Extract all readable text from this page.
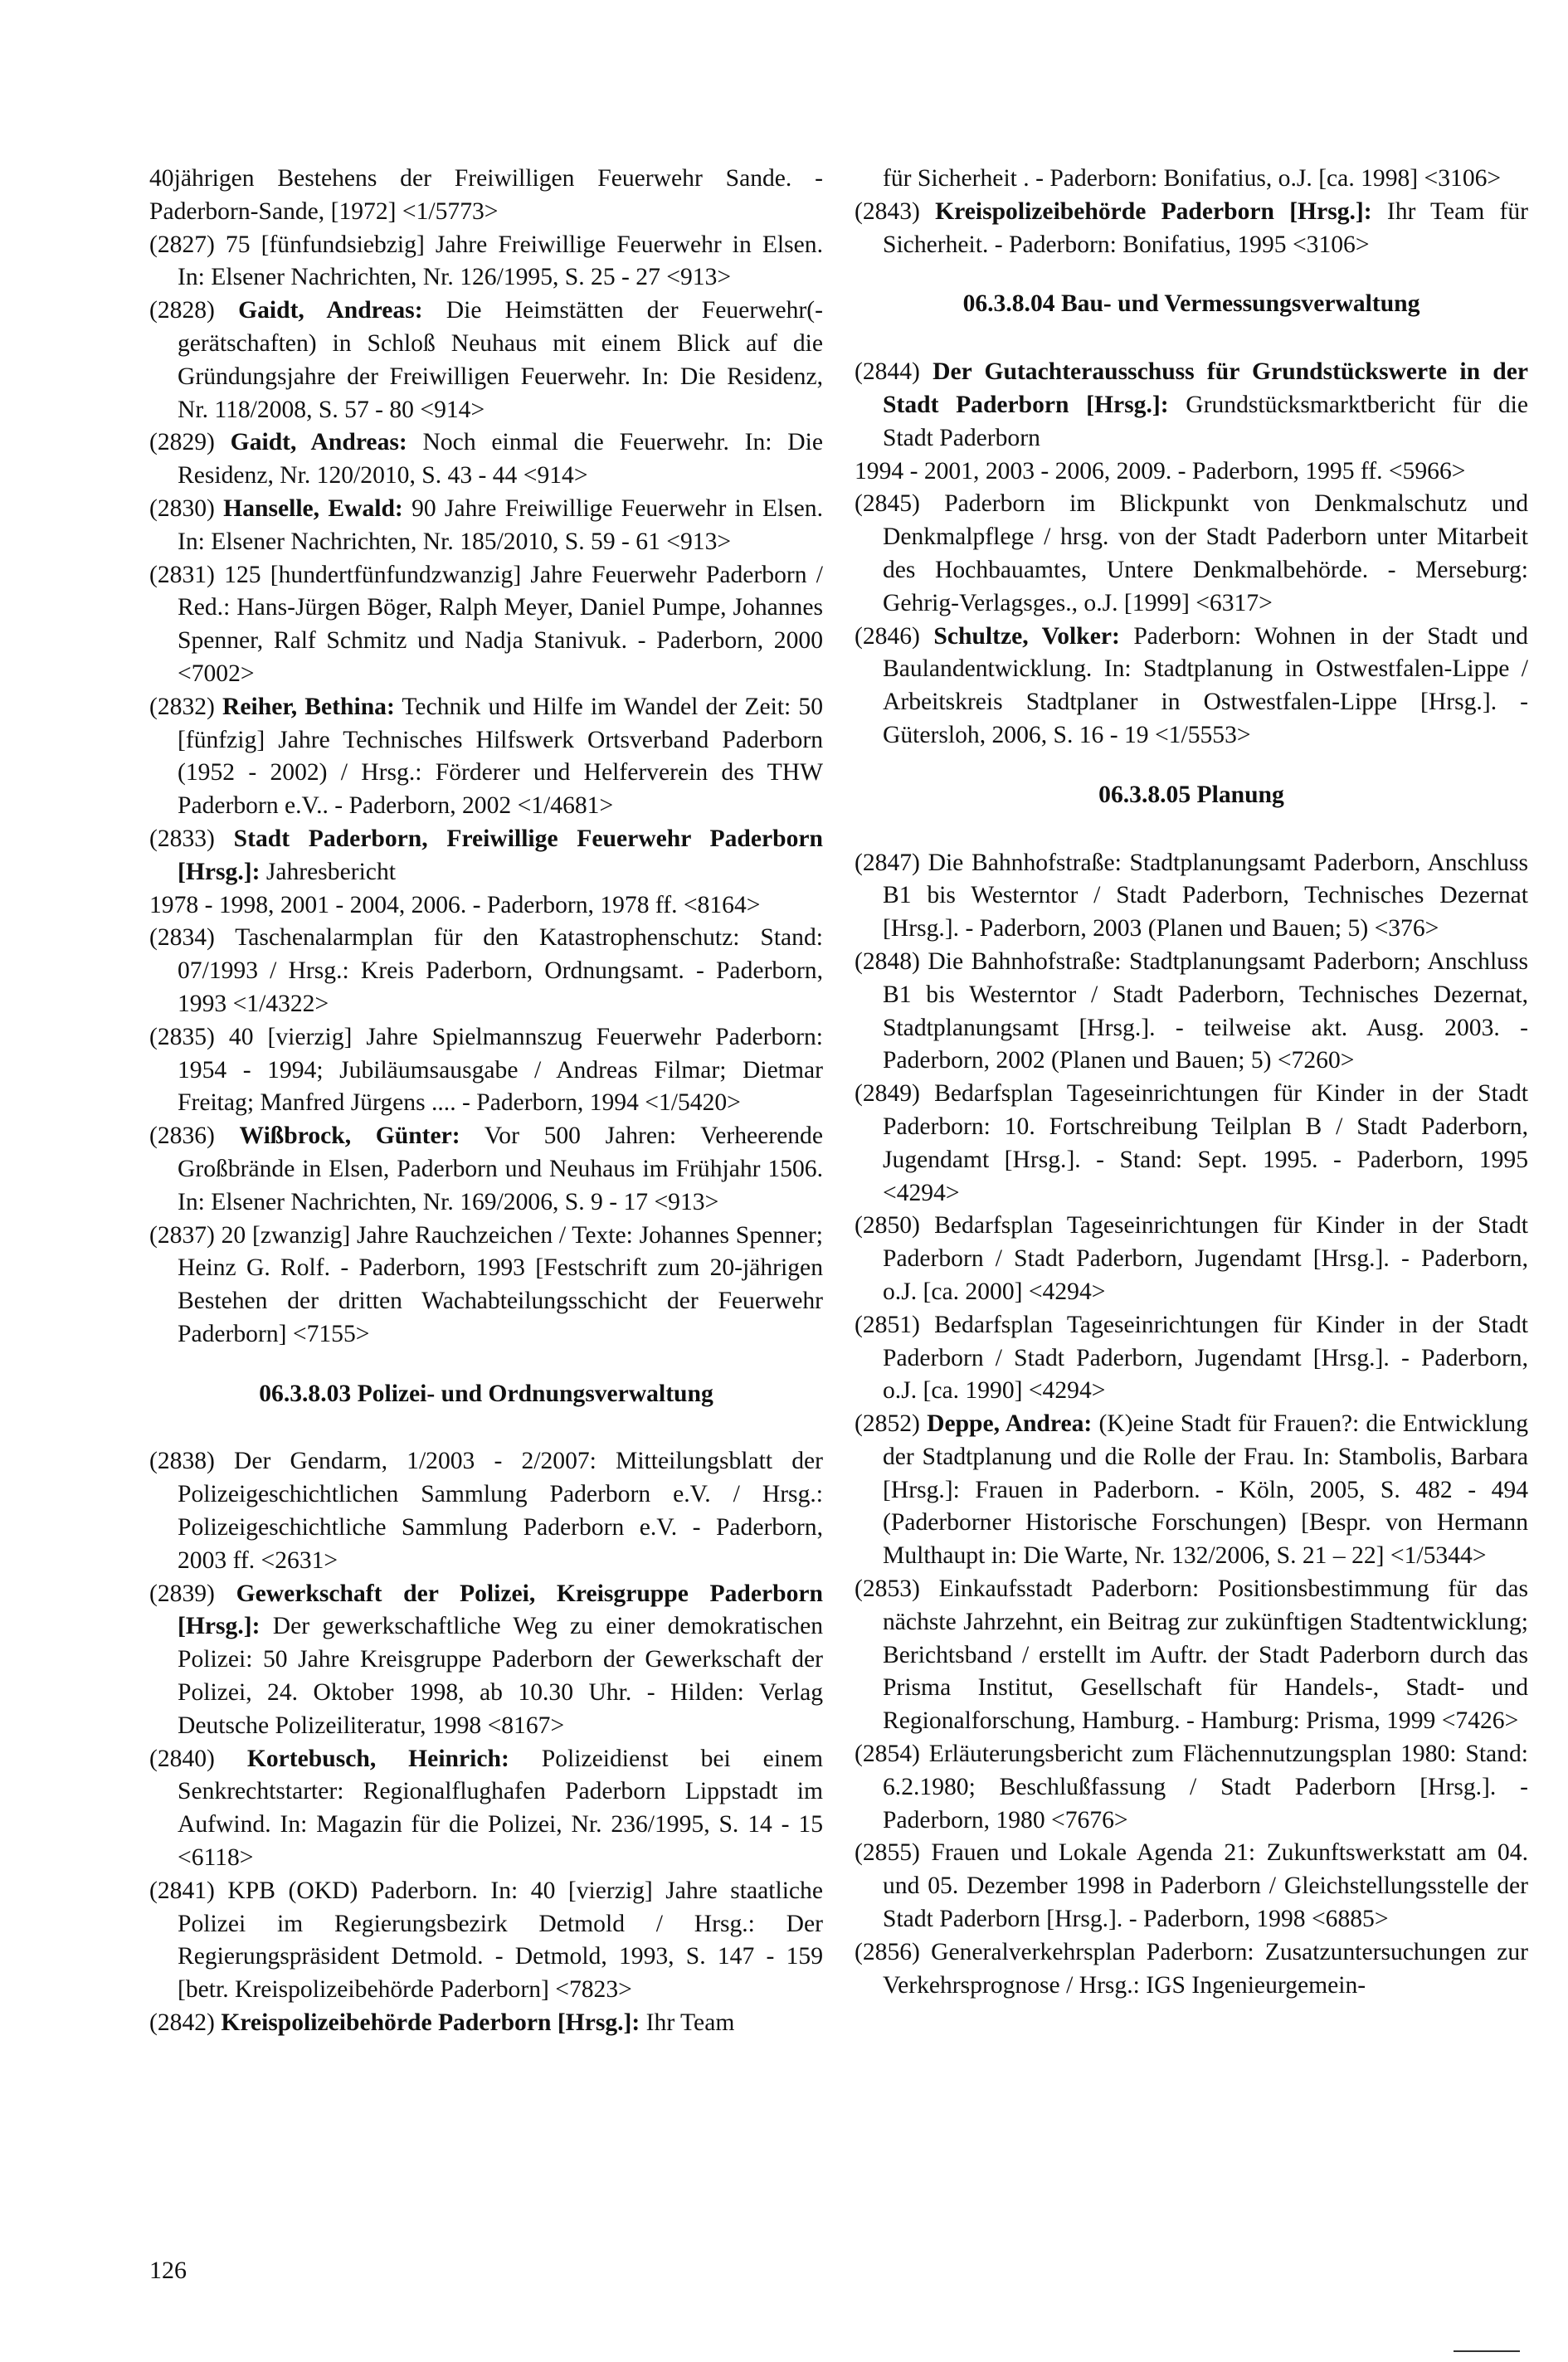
40jährigen Bestehens der Freiwilligen Feuerwehr Sande. - Paderborn-Sande, [1972] <1/5773>

(2827) 75 [fünfundsiebzig] Jahre Freiwillige Feuerwehr in Elsen. In: Elsener Nachrichten, Nr. 126/1995, S. 25 - 27 <913>

(2828) Gaidt, Andreas: Die Heimstätten der Feuerwehr(-gerätschaften) in Schloß Neuhaus mit einem Blick auf die Gründungsjahre der Freiwilligen Feuerwehr. In: Die Residenz, Nr. 118/2008, S. 57 - 80 <914>

(2829) Gaidt, Andreas: Noch einmal die Feuerwehr. In: Die Residenz, Nr. 120/2010, S. 43 - 44 <914>

(2830) Hanselle, Ewald: 90 Jahre Freiwillige Feuerwehr in Elsen. In: Elsener Nachrichten, Nr. 185/2010, S. 59 - 61 <913>

(2831) 125 [hundertfünfundzwanzig] Jahre Feuerwehr Paderborn / Red.: Hans-Jürgen Böger, Ralph Meyer, Daniel Pumpe, Johannes Spenner, Ralf Schmitz und Nadja Stanivuk. - Paderborn, 2000 <7002>

(2832) Reiher, Bethina: Technik und Hilfe im Wandel der Zeit: 50 [fünfzig] Jahre Technisches Hilfswerk Ortsverband Paderborn (1952 - 2002) / Hrsg.: Förderer und Helferverein des THW Paderborn e.V.. - Paderborn, 2002 <1/4681>

(2833) Stadt Paderborn, Freiwillige Feuerwehr Paderborn [Hrsg.]: Jahresbericht

1978 - 1998, 2001 - 2004, 2006. - Paderborn, 1978 ff. <8164>

(2834) Taschenalarmplan für den Katastrophenschutz: Stand: 07/1993 / Hrsg.: Kreis Paderborn, Ordnungsamt. - Paderborn, 1993 <1/4322>

(2835) 40 [vierzig] Jahre Spielmannszug Feuerwehr Paderborn: 1954 - 1994; Jubiläumsausgabe / Andreas Filmar; Dietmar Freitag; Manfred Jürgens .... - Paderborn, 1994 <1/5420>

(2836) Wißbrock, Günter: Vor 500 Jahren: Verheerende Großbrände in Elsen, Paderborn und Neuhaus im Frühjahr 1506. In: Elsener Nachrichten, Nr. 169/2006, S. 9 - 17 <913>

(2837) 20 [zwanzig] Jahre Rauchzeichen / Texte: Johannes Spenner; Heinz G. Rolf. - Paderborn, 1993 [Festschrift zum 20-jährigen Bestehen der dritten Wachabteilungsschicht der Feuerwehr Paderborn] <7155>

06.3.8.03 Polizei- und Ordnungsverwaltung

(2838) Der Gendarm, 1/2003 - 2/2007: Mitteilungsblatt der Polizeigeschichtlichen Sammlung Paderborn e.V. / Hrsg.: Polizeigeschichtliche Sammlung Paderborn e.V. - Paderborn, 2003 ff. <2631>

(2839) Gewerkschaft der Polizei, Kreisgruppe Paderborn [Hrsg.]: Der gewerkschaftliche Weg zu einer demokratischen Polizei: 50 Jahre Kreisgruppe Paderborn der Gewerkschaft der Polizei, 24. Oktober 1998, ab 10.30 Uhr. - Hilden: Verlag Deutsche Polizeiliteratur, 1998 <8167>

(2840) Kortebusch, Heinrich: Polizeidienst bei einem Senkrechtstarter: Regionalflughafen Paderborn Lippstadt im Aufwind. In: Magazin für die Polizei, Nr. 236/1995, S. 14 - 15 <6118>

(2841) KPB (OKD) Paderborn. In: 40 [vierzig] Jahre staatliche Polizei im Regierungsbezirk Detmold / Hrsg.: Der Regierungspräsident Detmold. - Detmold, 1993, S. 147 - 159 [betr. Kreispolizeibehörde Paderborn] <7823>

(2842) Kreispolizeibehörde Paderborn [Hrsg.]: Ihr Team

für Sicherheit . - Paderborn: Bonifatius, o.J. [ca. 1998] <3106>

(2843) Kreispolizeibehörde Paderborn [Hrsg.]: Ihr Team für Sicherheit. - Paderborn: Bonifatius, 1995 <3106>

06.3.8.04 Bau- und Vermessungsverwaltung

(2844) Der Gutachterausschuss für Grundstückswerte in der Stadt Paderborn [Hrsg.]: Grundstücksmarktbericht für die Stadt Paderborn

1994 - 2001, 2003 - 2006, 2009. - Paderborn, 1995 ff. <5966>

(2845) Paderborn im Blickpunkt von Denkmalschutz und Denkmalpflege / hrsg. von der Stadt Paderborn unter Mitarbeit des Hochbauamtes, Untere Denkmalbehörde. - Merseburg: Gehrig-Verlagsges., o.J. [1999] <6317>

(2846) Schultze, Volker: Paderborn: Wohnen in der Stadt und Baulandentwicklung. In: Stadtplanung in Ostwestfalen-Lippe / Arbeitskreis Stadtplaner in Ostwestfalen-Lippe [Hrsg.]. - Gütersloh, 2006, S. 16 - 19 <1/5553>

06.3.8.05 Planung

(2847) Die Bahnhofstraße: Stadtplanungsamt Paderborn, Anschluss B1 bis Westerntor / Stadt Paderborn, Technisches Dezernat [Hrsg.]. - Paderborn, 2003 (Planen und Bauen; 5) <376>

(2848) Die Bahnhofstraße: Stadtplanungsamt Paderborn; Anschluss B1 bis Westerntor / Stadt Paderborn, Technisches Dezernat, Stadtplanungsamt [Hrsg.]. - teilweise akt. Ausg. 2003. - Paderborn, 2002 (Planen und Bauen; 5) <7260>

(2849) Bedarfsplan Tageseinrichtungen für Kinder in der Stadt Paderborn: 10. Fortschreibung Teilplan B / Stadt Paderborn, Jugendamt [Hrsg.]. - Stand: Sept. 1995. - Paderborn, 1995 <4294>

(2850) Bedarfsplan Tageseinrichtungen für Kinder in der Stadt Paderborn / Stadt Paderborn, Jugendamt [Hrsg.]. - Paderborn, o.J. [ca. 2000] <4294>

(2851) Bedarfsplan Tageseinrichtungen für Kinder in der Stadt Paderborn / Stadt Paderborn, Jugendamt [Hrsg.]. - Paderborn, o.J. [ca. 1990] <4294>

(2852) Deppe, Andrea: (K)eine Stadt für Frauen?: die Entwicklung der Stadtplanung und die Rolle der Frau. In: Stambolis, Barbara [Hrsg.]: Frauen in Paderborn. - Köln, 2005, S. 482 - 494 (Paderborner Historische Forschungen) [Bespr. von Hermann Multhaupt in: Die Warte, Nr. 132/2006, S. 21 – 22] <1/5344>

(2853) Einkaufsstadt Paderborn: Positionsbestimmung für das nächste Jahrzehnt, ein Beitrag zur zukünftigen Stadtentwicklung; Berichtsband / erstellt im Auftr. der Stadt Paderborn durch das Prisma Institut, Gesellschaft für Handels-, Stadt- und Regionalforschung, Hamburg. - Hamburg: Prisma, 1999 <7426>

(2854) Erläuterungsbericht zum Flächennutzungsplan 1980: Stand: 6.2.1980; Beschlußfassung / Stadt Paderborn [Hrsg.]. - Paderborn, 1980 <7676>

(2855) Frauen und Lokale Agenda 21: Zukunftswerkstatt am 04. und 05. Dezember 1998 in Paderborn / Gleichstellungsstelle der Stadt Paderborn [Hrsg.]. - Paderborn, 1998 <6885>

(2856) Generalverkehrsplan Paderborn: Zusatzuntersuchungen zur Verkehrsprognose / Hrsg.: IGS Ingenieurgemein-

126
